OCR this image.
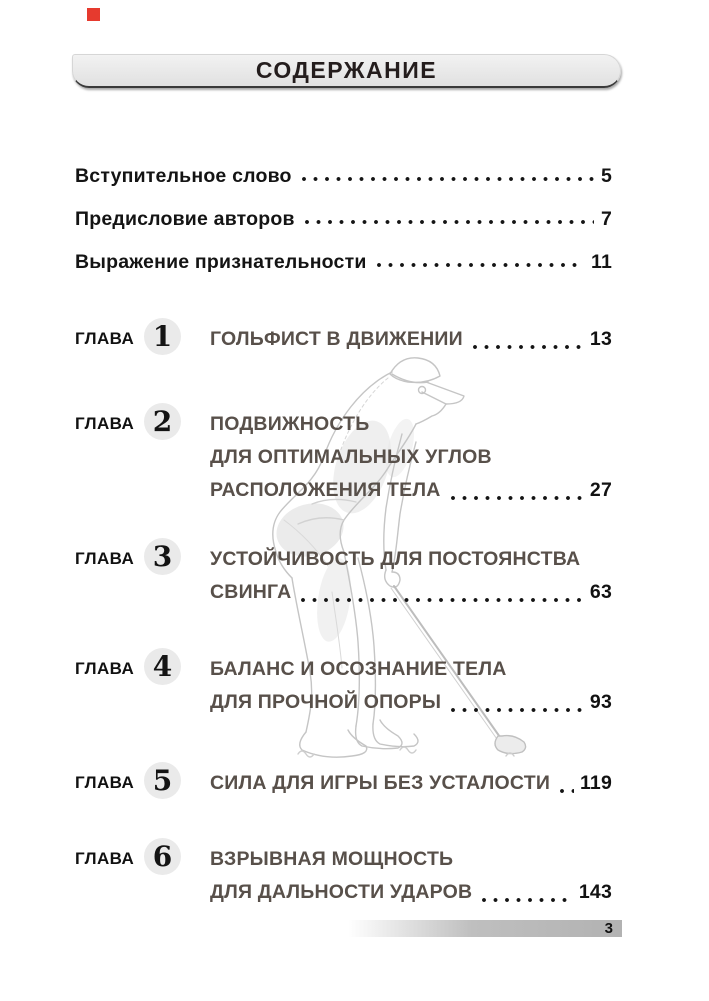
СОДЕРЖАНИЕ
Вступительное слово	5
Предисловие авторов	7
Выражение признательности	11
ГЛАВА 1 ГОЛЬФИСТ В ДВИЖЕНИИ	13
ГЛАВА 2 ПОДВИЖНОСТЬ
ДЛЯ ОПТИМАЛЬНЫХ УГЛОВ
РАСПОЛОЖЕНИЯ ТЕЛА	27
ГЛАВА 3 УСТОЙЧИВОСТЬ ДЛЯ ПОСТОЯНСТВА
СВИНГА	63
ГЛАВА 4 БАЛАНС И ОСОЗНАНИЕ ТЕЛА
ДЛЯ ПРОЧНОЙ ОПОРЫ	93
ГЛАВА 5 СИЛА ДЛЯ ИГРЫ БЕЗ УСТАЛОСТИ 119
ГЛАВА 6 ВЗРЫВНАЯ МОЩНОСТЬ
ДЛЯ ДАЛЬНОСТИ УДАРОВ	143
3
